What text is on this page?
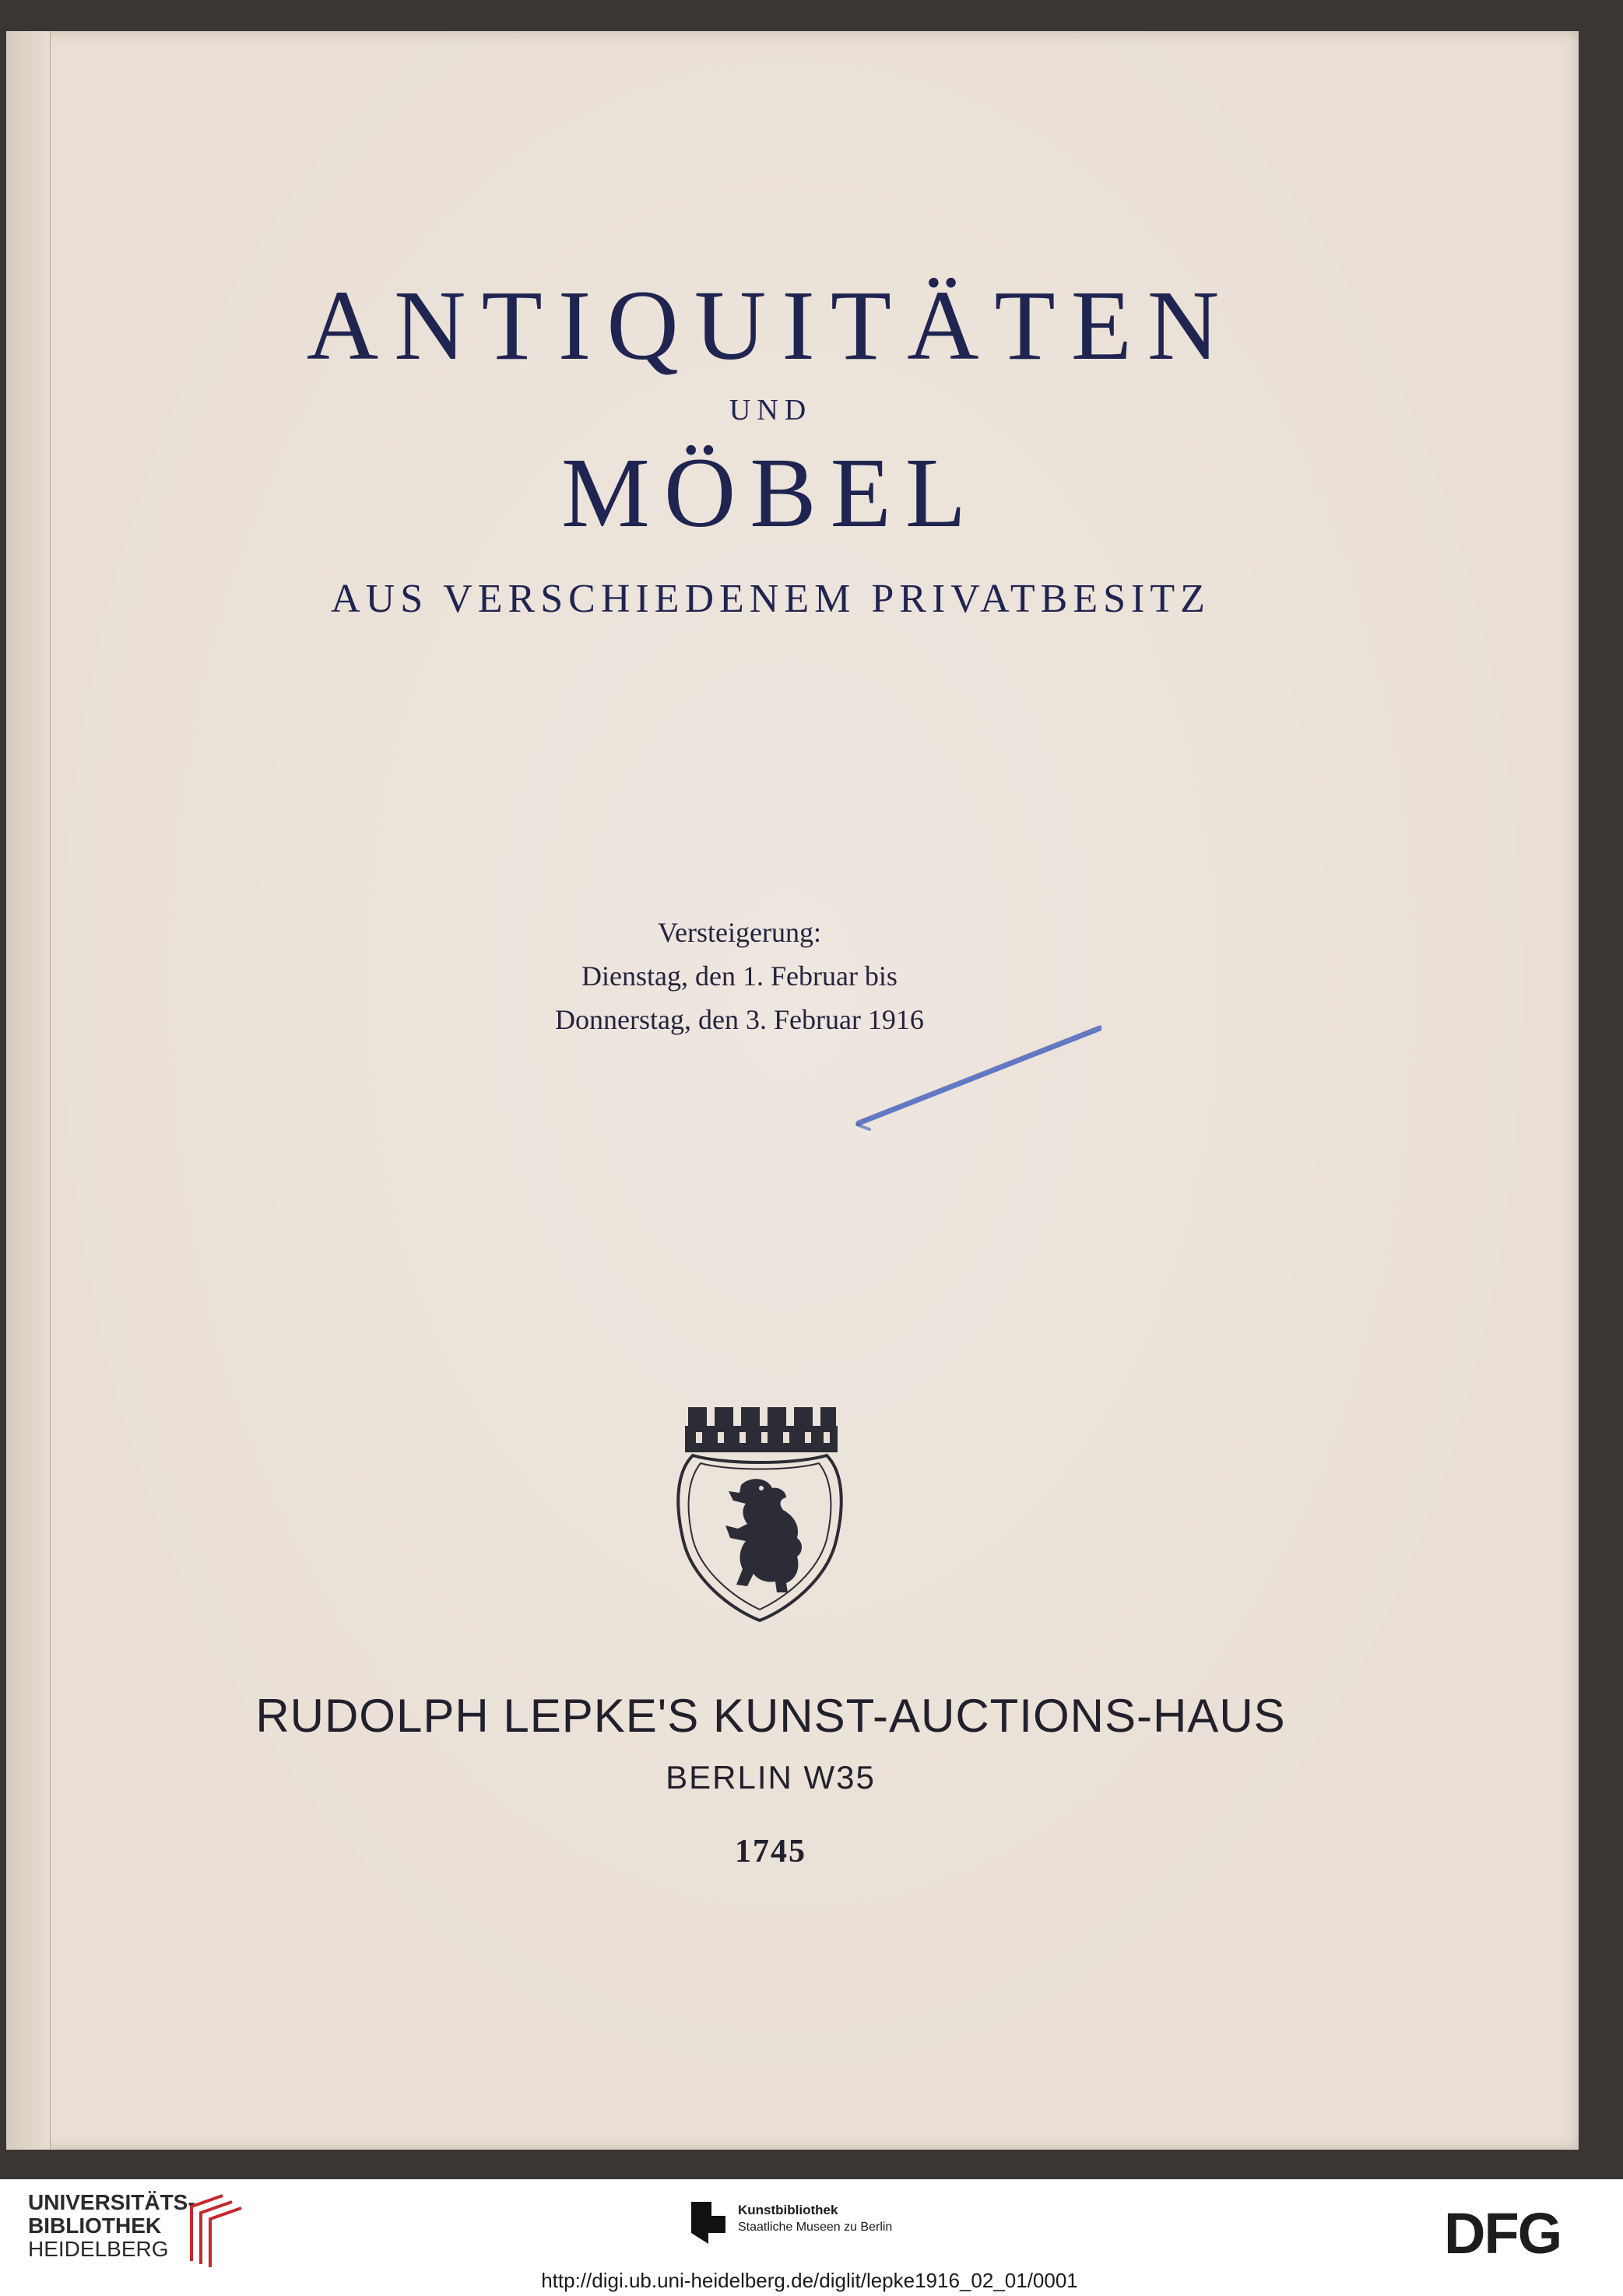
ANTIQUITÄTEN
UND
MÖBEL
AUS VERSCHIEDENEM PRIVATBESITZ
Versteigerung:
Dienstag, den 1. Februar bis
Donnerstag, den 3. Februar 1916
RUDOLPH LEPKE'S KUNST-AUCTIONS-HAUS
BERLIN W35
1745
UNIVERSITÄTS-
BIBLIOTHEK
HEIDELBERG
Kunstbibliothek
Staatliche Museen zu Berlin	DFG
http://digi.ub.uni-heidelberg.de/diglit/lepke1916_02_01/0001
